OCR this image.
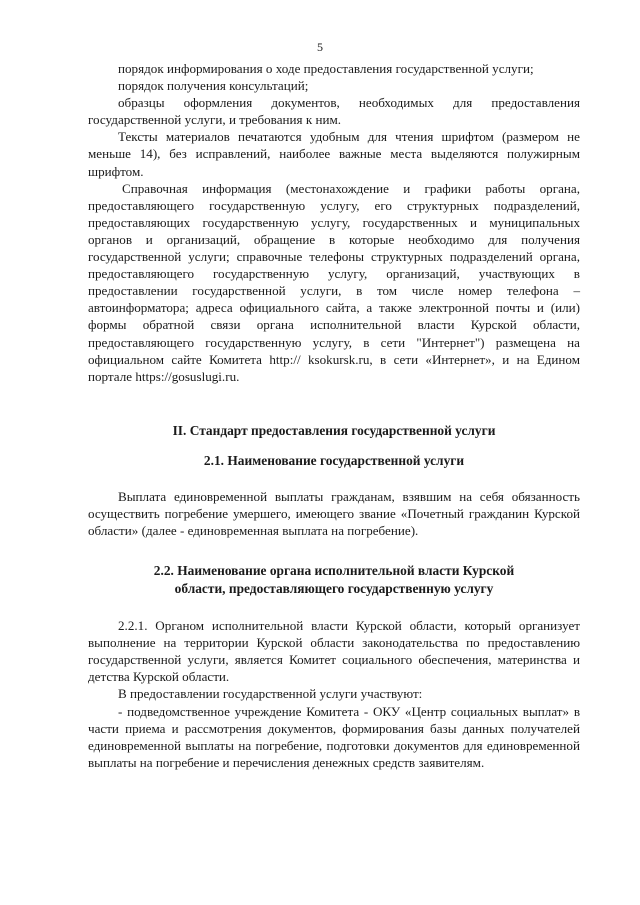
5

порядок информирования о ходе предоставления государственной услуги;

порядок получения консультаций;

образцы оформления документов, необходимых для предоставления государственной услуги, и требования к ним.

Тексты материалов печатаются удобным для чтения шрифтом (размером не меньше 14), без исправлений, наиболее важные места выделяются полужирным шрифтом.

Справочная информация (местонахождение и графики работы органа, предоставляющего государственную услугу, его структурных подразделений, предоставляющих государственную услугу, государственных и муниципальных органов и организаций, обращение в которые необходимо для получения государственной услуги; справочные телефоны структурных подразделений органа, предоставляющего государственную услугу, организаций, участвующих в предоставлении государственной услуги, в том числе номер телефона – автоинформатора; адреса официального сайта, а также электронной почты и (или) формы обратной связи органа исполнительной власти Курской области, предоставляющего государственную услугу, в сети "Интернет") размещена на официальном сайте Комитета http:// ksokursk.ru, в сети «Интернет», и на Едином портале https://gosuslugi.ru.

II. Стандарт предоставления государственной услуги

2.1. Наименование государственной услуги

Выплата единовременной выплаты гражданам, взявшим на себя обязанность осуществить погребение умершего, имеющего звание «Почетный гражданин Курской области» (далее - единовременная выплата на погребение).

2.2. Наименование органа исполнительной власти Курской

области, предоставляющего государственную услугу

2.2.1. Органом исполнительной власти Курской области, который организует выполнение на территории Курской области законодательства по предоставлению государственной услуги, является Комитет социального обеспечения, материнства и детства Курской области.

В предоставлении государственной услуги участвуют:

- подведомственное учреждение Комитета - ОКУ «Центр социальных выплат» в части приема и рассмотрения документов, формирования базы данных получателей единовременной выплаты на погребение, подготовки документов для единовременной выплаты на погребение и перечисления денежных средств заявителям.
